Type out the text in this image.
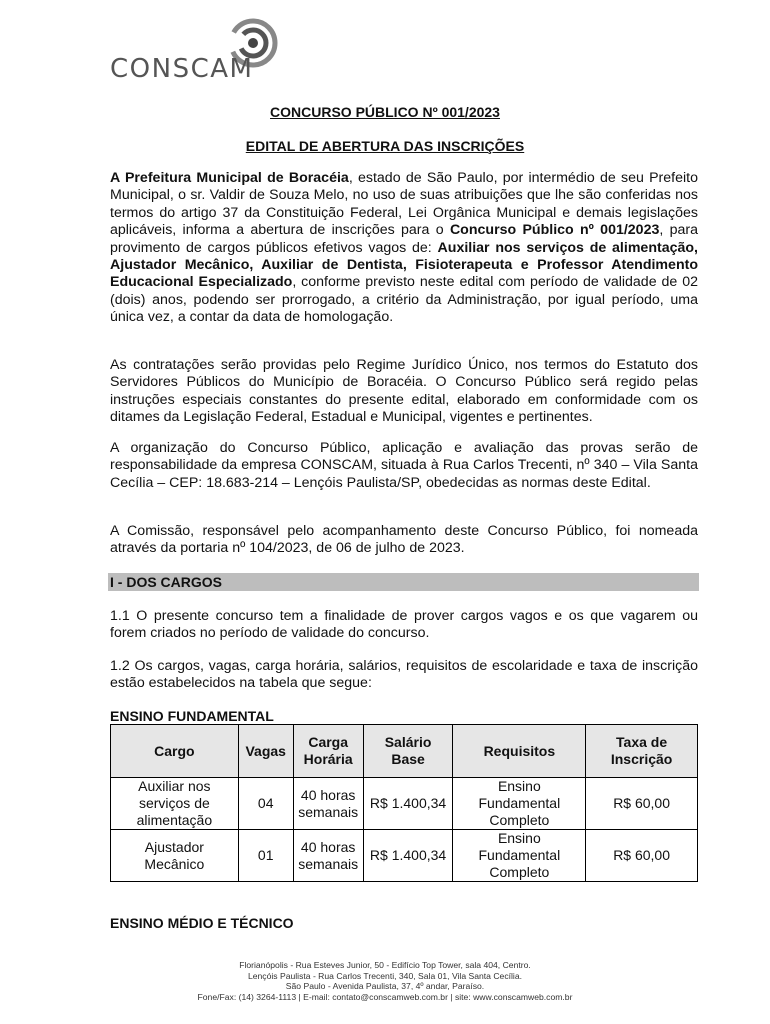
CONSCAM
CONCURSO PÚBLICO Nº 001/2023
EDITAL DE ABERTURA DAS INSCRIÇÕES

A Prefeitura Municipal de Boracéia, estado de São Paulo, por intermédio de seu Prefeito Municipal, o sr. Valdir de Souza Melo, no uso de suas atribuições que lhe são conferidas nos termos do artigo 37 da Constituição Federal, Lei Orgânica Municipal e demais legislações aplicáveis, informa a abertura de inscrições para o Concurso Público nº 001/2023, para provimento de cargos públicos efetivos vagos de: Auxiliar nos serviços de alimentação, Ajustador Mecânico, Auxiliar de Dentista, Fisioterapeuta e Professor Atendimento Educacional Especializado, conforme previsto neste edital com período de validade de 02 (dois) anos, podendo ser prorrogado, a critério da Administração, por igual período, uma única vez, a contar da data de homologação.

As contratações serão providas pelo Regime Jurídico Único, nos termos do Estatuto dos Servidores Públicos do Município de Boracéia. O Concurso Público será regido pelas instruções especiais constantes do presente edital, elaborado em conformidade com os ditames da Legislação Federal, Estadual e Municipal, vigentes e pertinentes.

A organização do Concurso Público, aplicação e avaliação das provas serão de responsabilidade da empresa CONSCAM, situada à Rua Carlos Trecenti, nº 340 – Vila Santa Cecília – CEP: 18.683-214 – Lençóis Paulista/SP, obedecidas as normas deste Edital.

A Comissão, responsável pelo acompanhamento deste Concurso Público, foi nomeada através da portaria nº 104/2023, de 06 de julho de 2023.

I - DOS CARGOS

1.1 O presente concurso tem a finalidade de prover cargos vagos e os que vagarem ou forem criados no período de validade do concurso.

1.2 Os cargos, vagas, carga horária, salários, requisitos de escolaridade e taxa de inscrição estão estabelecidos na tabela que segue:

ENSINO FUNDAMENTAL
Cargo	Vagas	Carga Horária	Salário Base	Requisitos	Taxa de Inscrição
Auxiliar nos serviços de alimentação	04	40 horas semanais	R$ 1.400,34	Ensino Fundamental Completo	R$ 60,00
Ajustador Mecânico	01	40 horas semanais	R$ 1.400,34	Ensino Fundamental Completo	R$ 60,00
ENSINO MÉDIO E TÉCNICO
Florianópolis - Rua Esteves Junior, 50 - Edifício Top Tower, sala 404, Centro.
Lençóis Paulista - Rua Carlos Trecenti, 340, Sala 01, Vila Santa Cecília.
São Paulo - Avenida Paulista, 37, 4º andar, Paraíso.
Fone/Fax: (14) 3264-1113 | E-mail: contato@conscamweb.com.br | site: www.conscamweb.com.br
